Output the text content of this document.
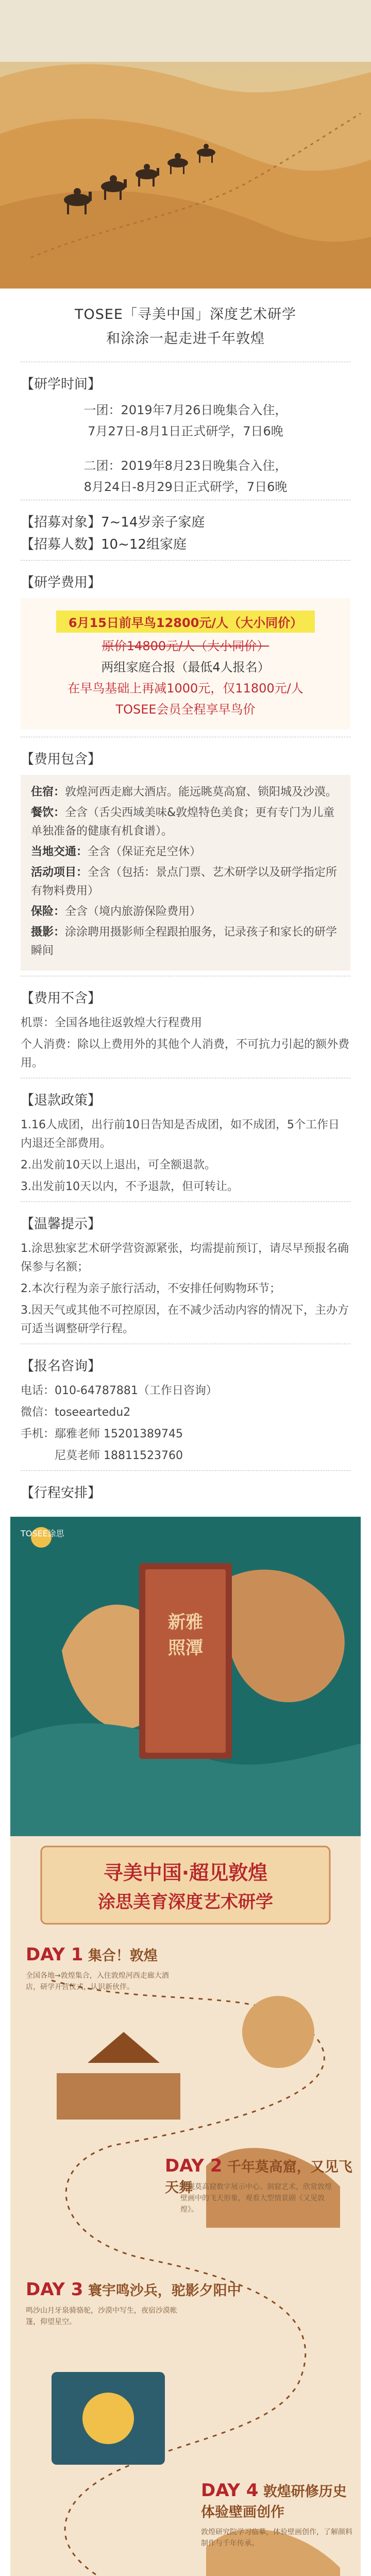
TOSEE「寻美中国」深度艺术研学

和涂涂一起走进千年敦煌

【研学时间】

一团：2019年7月26日晚集合入住，

7月27日-8月1日正式研学，7日6晚

二团：2019年8月23日晚集合入住，

8月24日-8月29日正式研学，7日6晚

【招募对象】7~14岁亲子家庭
【招募人数】10~12组家庭
【研学费用】

6月15日前早鸟12800元/人（大小同价）

原价14800元/人（大小同价）

两组家庭合报（最低4人报名）

在早鸟基础上再减1000元，仅11800元/人

TOSEE会员全程享早鸟价

【费用包含】

住宿：敦煌河西走廊大酒店。能远眺莫高窟、锁阳城及沙漠。

餐饮：全含（舌尖西域美味&敦煌特色美食；更有专门为儿童单独准备的健康有机食谱）。

当地交通：全含（保证充足空休）

活动项目：全含（包括：景点门票、艺术研学以及研学指定所有物料费用）

保险：全含（境内旅游保险费用）

摄影：涂涂聘用摄影师全程跟拍服务，记录孩子和家长的研学瞬间

【费用不含】

机票：全国各地往返敦煌大行程费用

个人消费：除以上费用外的其他个人消费，不可抗力引起的额外费用。

【退款政策】

1.16人成团，出行前10日告知是否成团，如不成团，5个工作日内退还全部费用。

2.出发前10天以上退出，可全额退款。

3.出发前10天以内，不予退款，但可转让。

【温馨提示】

1.涂思独家艺术研学营资源紧张，均需提前预订，请尽早预报名确保参与名额；

2.本次行程为亲子旅行活动，不安排任何购物环节；

3.因天气或其他不可控原因，在不减少活动内容的情况下，主办方可适当调整研学行程。

【报名咨询】

电话：010-64787881（工作日咨询）

微信：toseeartedu2

手机：鄢雅老师 15201389745

尼莫老师 18811523760

【行程安排】
TOSEE涂思
新雅照潭
寻美中国·超见敦煌
涂思美育深度艺术研学
DAY 1 集合！敦煌
全国各地→敦煌集合，入住敦煌河西走廊大酒店，研学开营仪式，认识新伙伴。
DAY 2 千年莫高窟，又见飞天舞
参观莫高窟数字展示中心、洞窟艺术，欣赏敦煌壁画中的飞天形象，观看大型情景剧《又见敦煌》。
DAY 3 寰宇鸣沙兵，驼影夕阳中
鸣沙山月牙泉骑骆驼，沙漠中写生，夜宿沙漠帐篷，仰望星空。
DAY 4 敦煌研修历史 体验壁画创作
敦煌研究院学习临摹，体验壁画创作，了解颜料制作与千年传承。
